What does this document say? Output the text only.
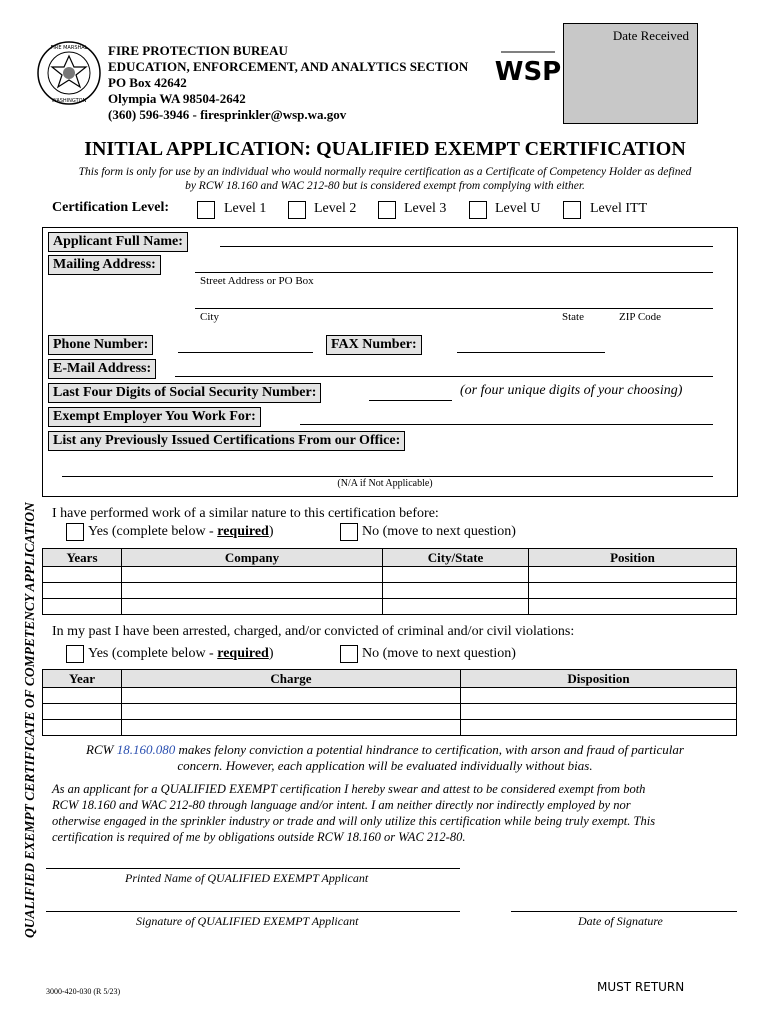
Date Received
FIRE MARSHAL
WASHINGTON
FIRE PROTECTION BUREAU
EDUCATION, ENFORCEMENT, AND ANALYTICS SECTION
PO Box 42642
Olympia WA 98504-2642
(360) 596-3946 - firesprinkler@wsp.wa.gov
WSP
INITIAL APPLICATION: QUALIFIED EXEMPT CERTIFICATION
This form is only for use by an individual who would normally require certification as a Certificate of Competency Holder as defined
by RCW 18.160 and WAC 212-80 but is considered exempt from complying with either.
Certification Level:	Level 1	Level 2	Level 3	Level U	Level ITT
QUALIFIED EXEMPT CERTIFICATE OF COMPETENCY APPLICATION
Applicant Full Name:
Mailing Address:
Street Address or PO Box
City	State	ZIP Code
Phone Number:	FAX Number:
E-Mail Address:
Last Four Digits of Social Security Number:	(or four unique digits of your choosing)
Exempt Employer You Work For:
List any Previously Issued Certifications From our Office:
(N/A if Not Applicable)
I have performed work of a similar nature to this certification before:
Yes (complete below - required)	No (move to next question)
Years	Company	City/State	Position

In my past I have been arrested, charged, and/or convicted of criminal and/or civil violations:
Yes (complete below - required)	No (move to next question)
Year	Charge	Disposition

RCW 18.160.080 makes felony conviction a potential hindrance to certification, with arson and fraud of particular
concern. However, each application will be evaluated individually without bias.
As an applicant for a QUALIFIED EXEMPT certification I hereby swear and attest to be considered exempt from both
RCW 18.160 and WAC 212-80 through language and/or intent. I am neither directly nor indirectly employed by nor
otherwise engaged in the sprinkler industry or trade and will only utilize this certification while being truly exempt. This
certification is required of me by obligations outside RCW 18.160 or WAC 212-80.
Printed Name of QUALIFIED EXEMPT Applicant
Signature of QUALIFIED EXEMPT Applicant	Date of Signature
3000-420-030 (R 5/23)	MUST RETURN
